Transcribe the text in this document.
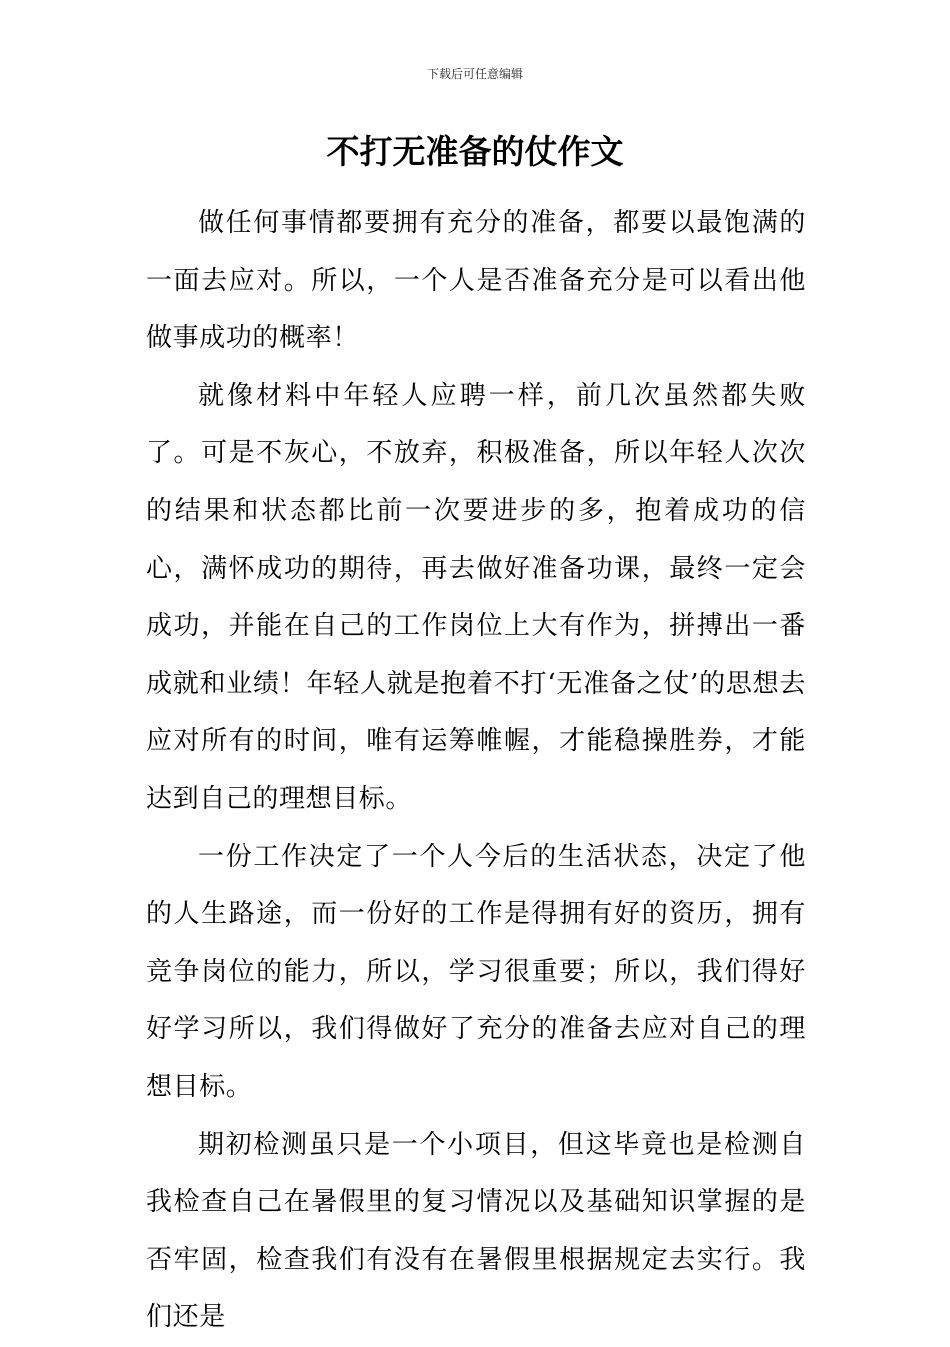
下载后可任意编辑
不打无准备的仗作文

做任何事情都要拥有充分的准备，都要以最饱满的一面去应对。所以，一个人是否准备充分是可以看出他做事成功的概率！

就像材料中年轻人应聘一样，前几次虽然都失败了。可是不灰心，不放弃，积极准备，所以年轻人次次的结果和状态都比前一次要进步的多，抱着成功的信心，满怀成功的期待，再去做好准备功课，最终一定会成功，并能在自己的工作岗位上大有作为，拼搏出一番成就和业绩！年轻人就是抱着不打‘无准备之仗’的思想去应对所有的时间，唯有运筹帷幄，才能稳操胜券，才能达到自己的理想目标。

一份工作决定了一个人今后的生活状态，决定了他的人生路途，而一份好的工作是得拥有好的资历，拥有竞争岗位的能力，所以，学习很重要；所以，我们得好好学习所以，我们得做好了充分的准备去应对自己的理想目标。

期初检测虽只是一个小项目，但这毕竟也是检测自我检查自己在暑假里的复习情况以及基础知识掌握的是否牢固，检查我们有没有在暑假里根据规定去实行。我们还是
